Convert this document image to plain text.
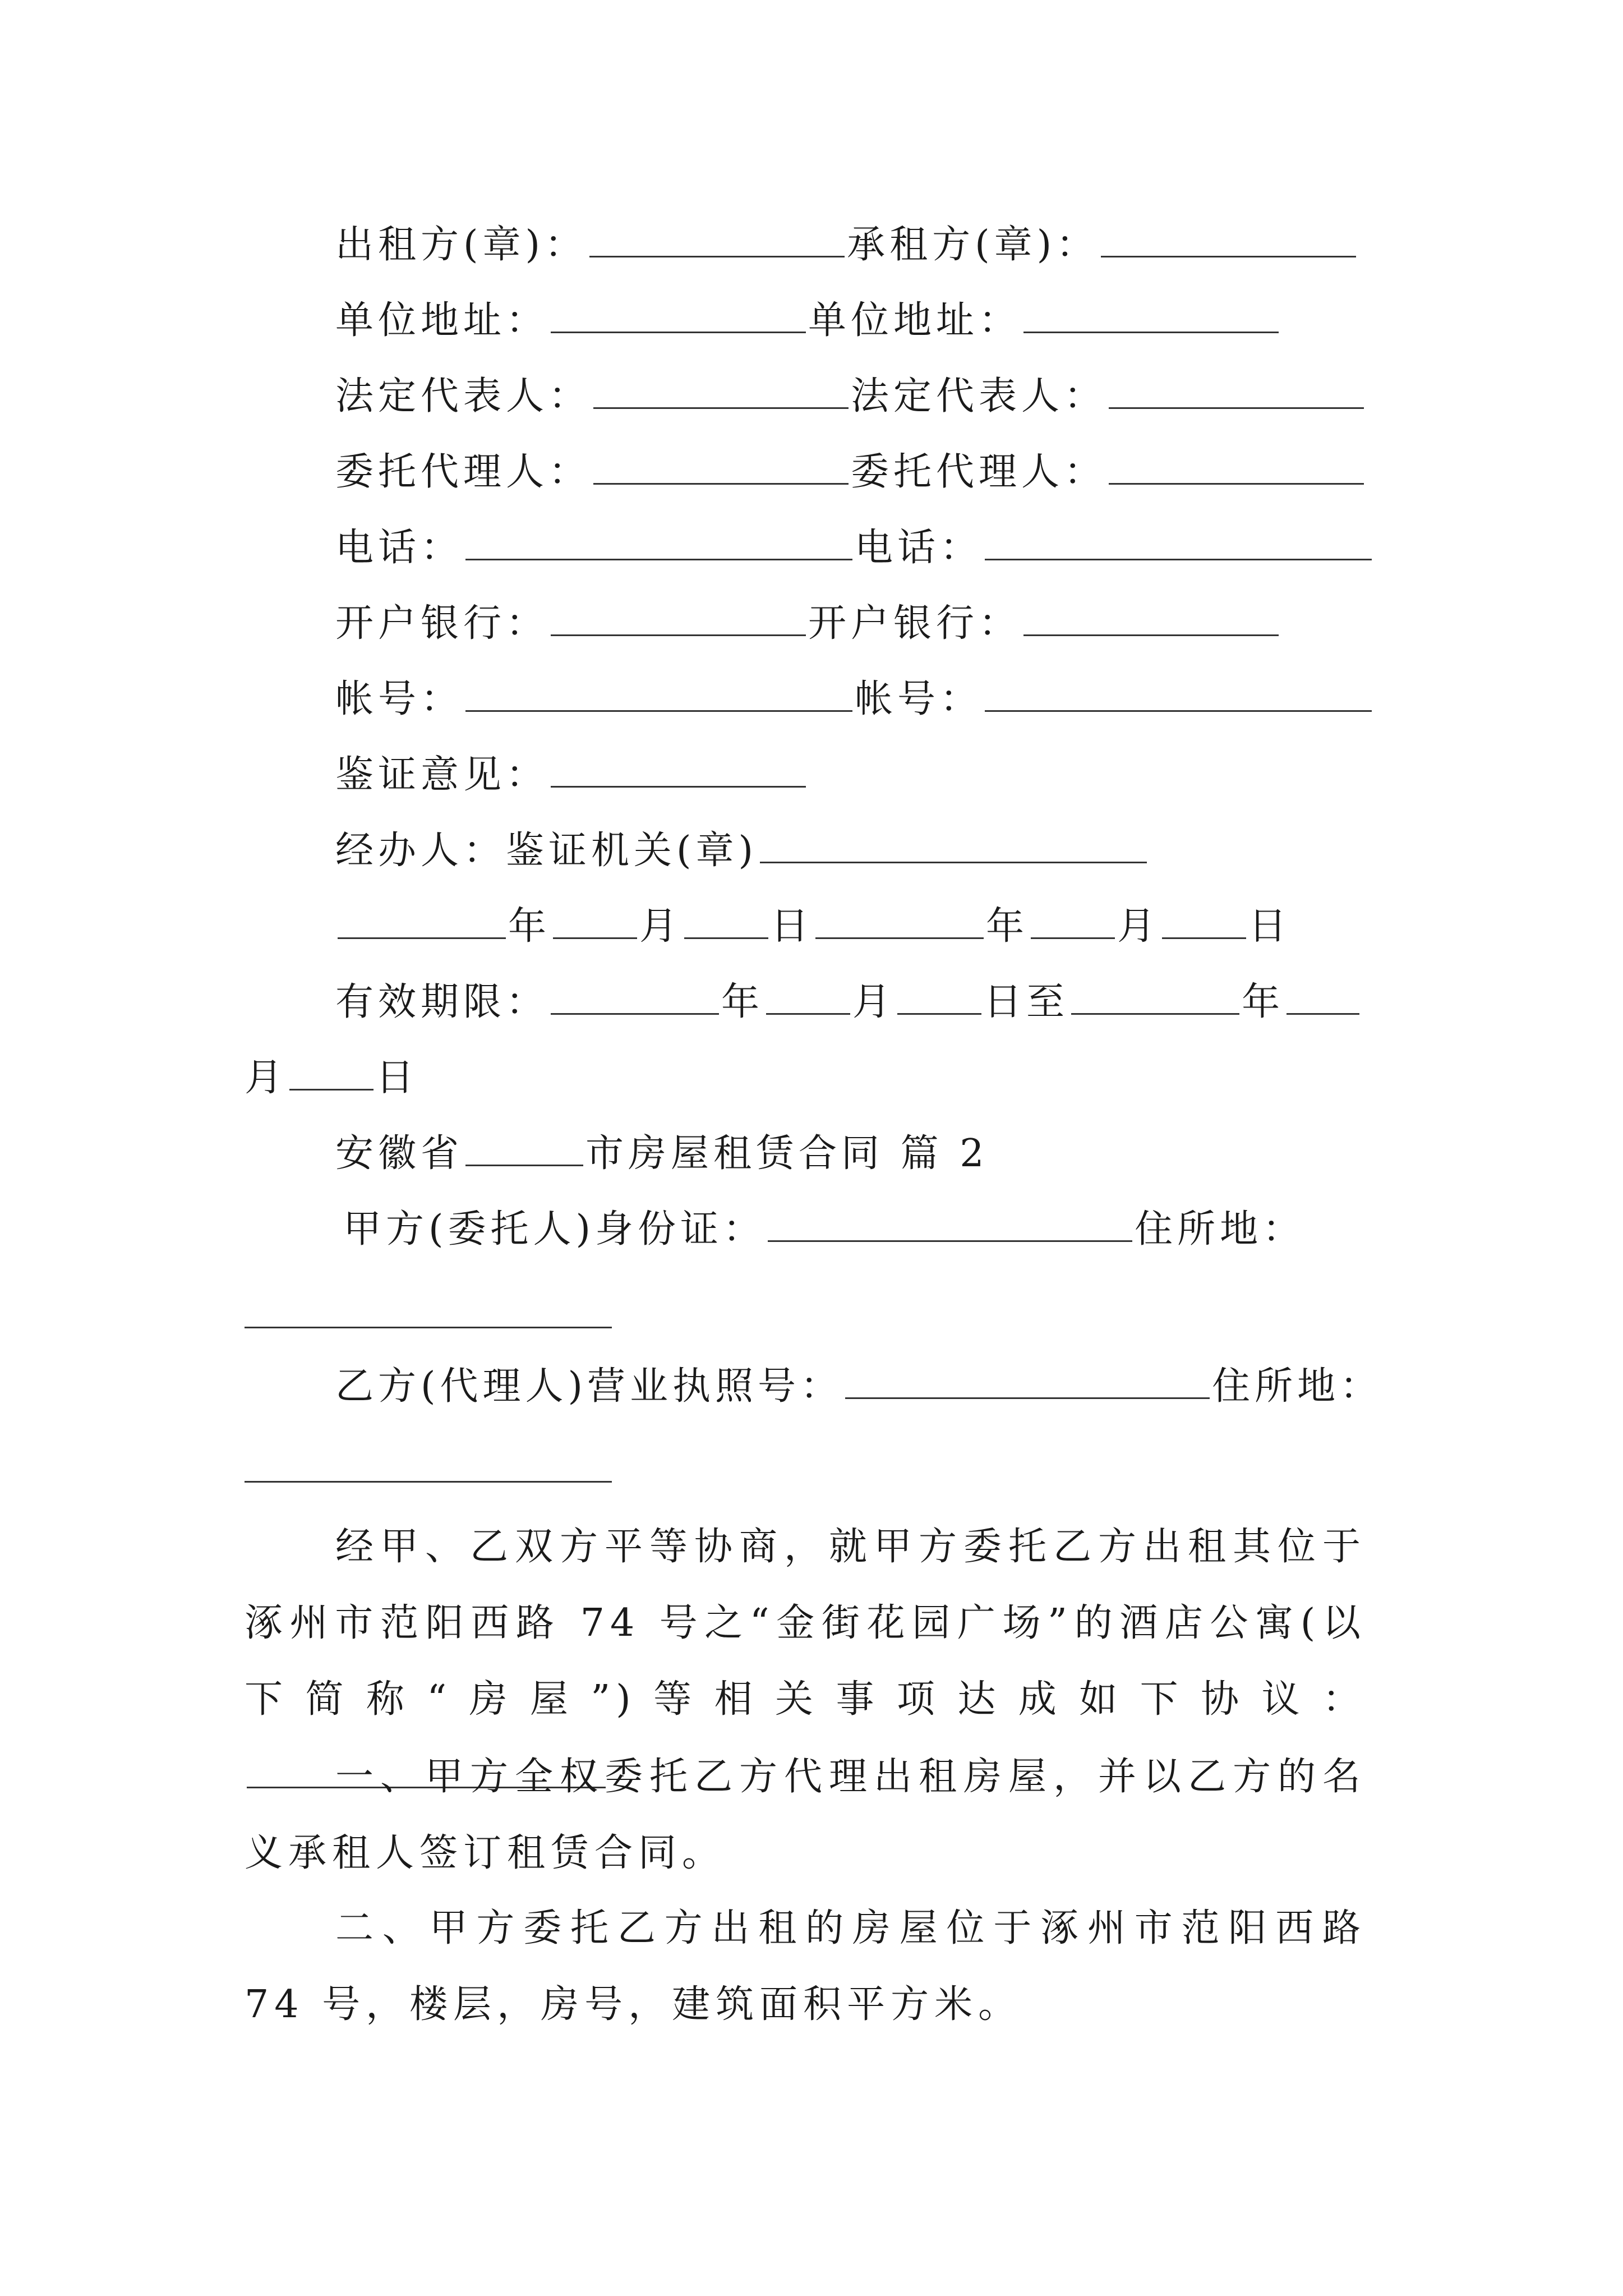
出租方(章)：	承租方(章)：
单位地址：	单位地址：
法定代表人：	法定代表人：
委托代理人：	委托代理人：
电话：	电话：
开户银行：	开户银行：
帐号：	帐号：
鉴证意见：
经办人：鉴证机关(章)
年 月 日	年 月 日
有效期限：	年 月 日至	年
月 日
安徽省	市房屋租赁合同 篇 2
甲方(委托人)身份证：	住所地：
乙方(代理人)营业执照号：	住所地：
经甲、乙双方平等协商，就甲方委托乙方出租其位于涿州市范阳西路 74 号之“金街花园广场”的酒店公寓(以下简称“房屋”)等相关事项达成如下协议：
一、甲方全权委托乙方代理出租房屋，并以乙方的名义承租人签订租赁合同。
二、甲方委托乙方出租的房屋位于涿州市范阳西路 74 号，楼层，房号，建筑面积平方米。
